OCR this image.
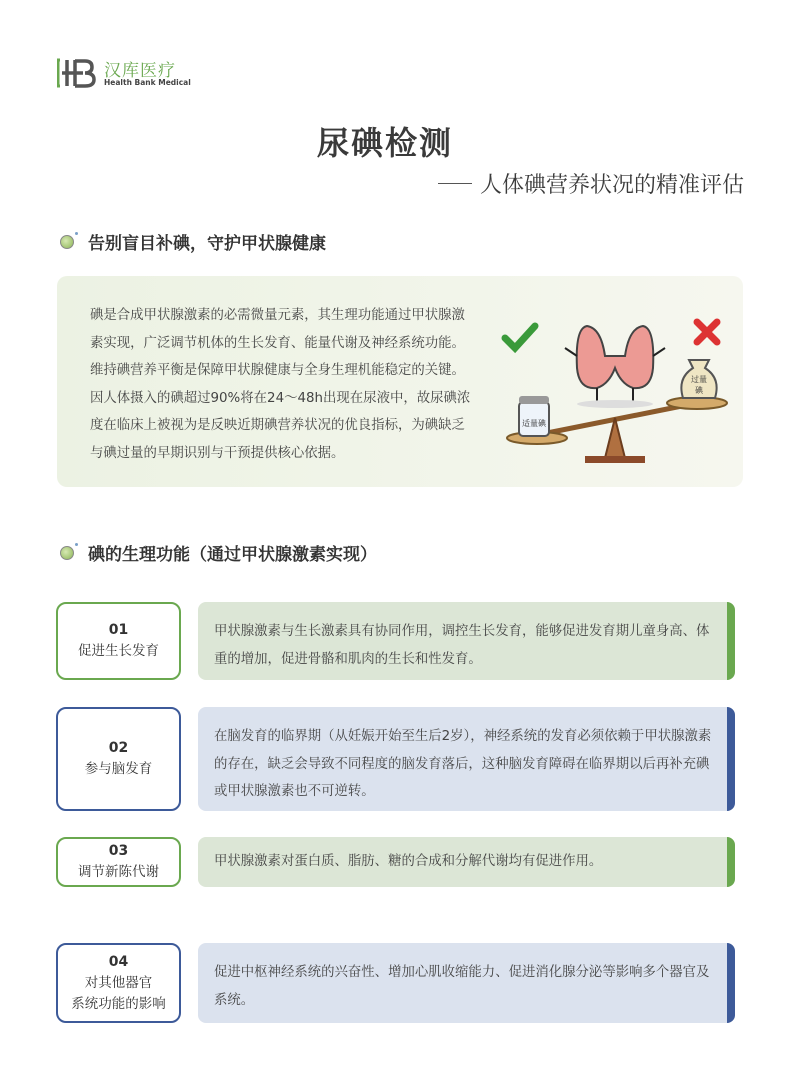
汉库医疗
Health Bank Medical
尿碘检测
人体碘营养状况的精准评估
告别盲目补碘，守护甲状腺健康

碘是合成甲状腺激素的必需微量元素，其生理功能通过甲状腺激素实现，广泛调节机体的生长发育、能量代谢及神经系统功能。维持碘营养平衡是保障甲状腺健康与全身生理机能稳定的关键。因人体摄入的碘超过90%将在24～48h出现在尿液中，故尿碘浓度在临床上被视为是反映近期碘营养状况的优良指标，为碘缺乏与碘过量的早期识别与干预提供核心依据。

适量碘
过量
碘
碘的生理功能（通过甲状腺激素实现）
01
促进生长发育
甲状腺激素与生长激素具有协同作用，调控生长发育，能够促进发育期儿童身高、体重的增加，促进骨骼和肌肉的生长和性发育。
02
参与脑发育
在脑发育的临界期（从妊娠开始至生后2岁），神经系统的发育必须依赖于甲状腺激素的存在，缺乏会导致不同程度的脑发育落后，这种脑发育障碍在临界期以后再补充碘或甲状腺激素也不可逆转。
03
调节新陈代谢
甲状腺激素对蛋白质、脂肪、糖的合成和分解代谢均有促进作用。
04
对其他器官
系统功能的影响
促进中枢神经系统的兴奋性、增加心肌收缩能力、促进消化腺分泌等影响多个器官及系统。
